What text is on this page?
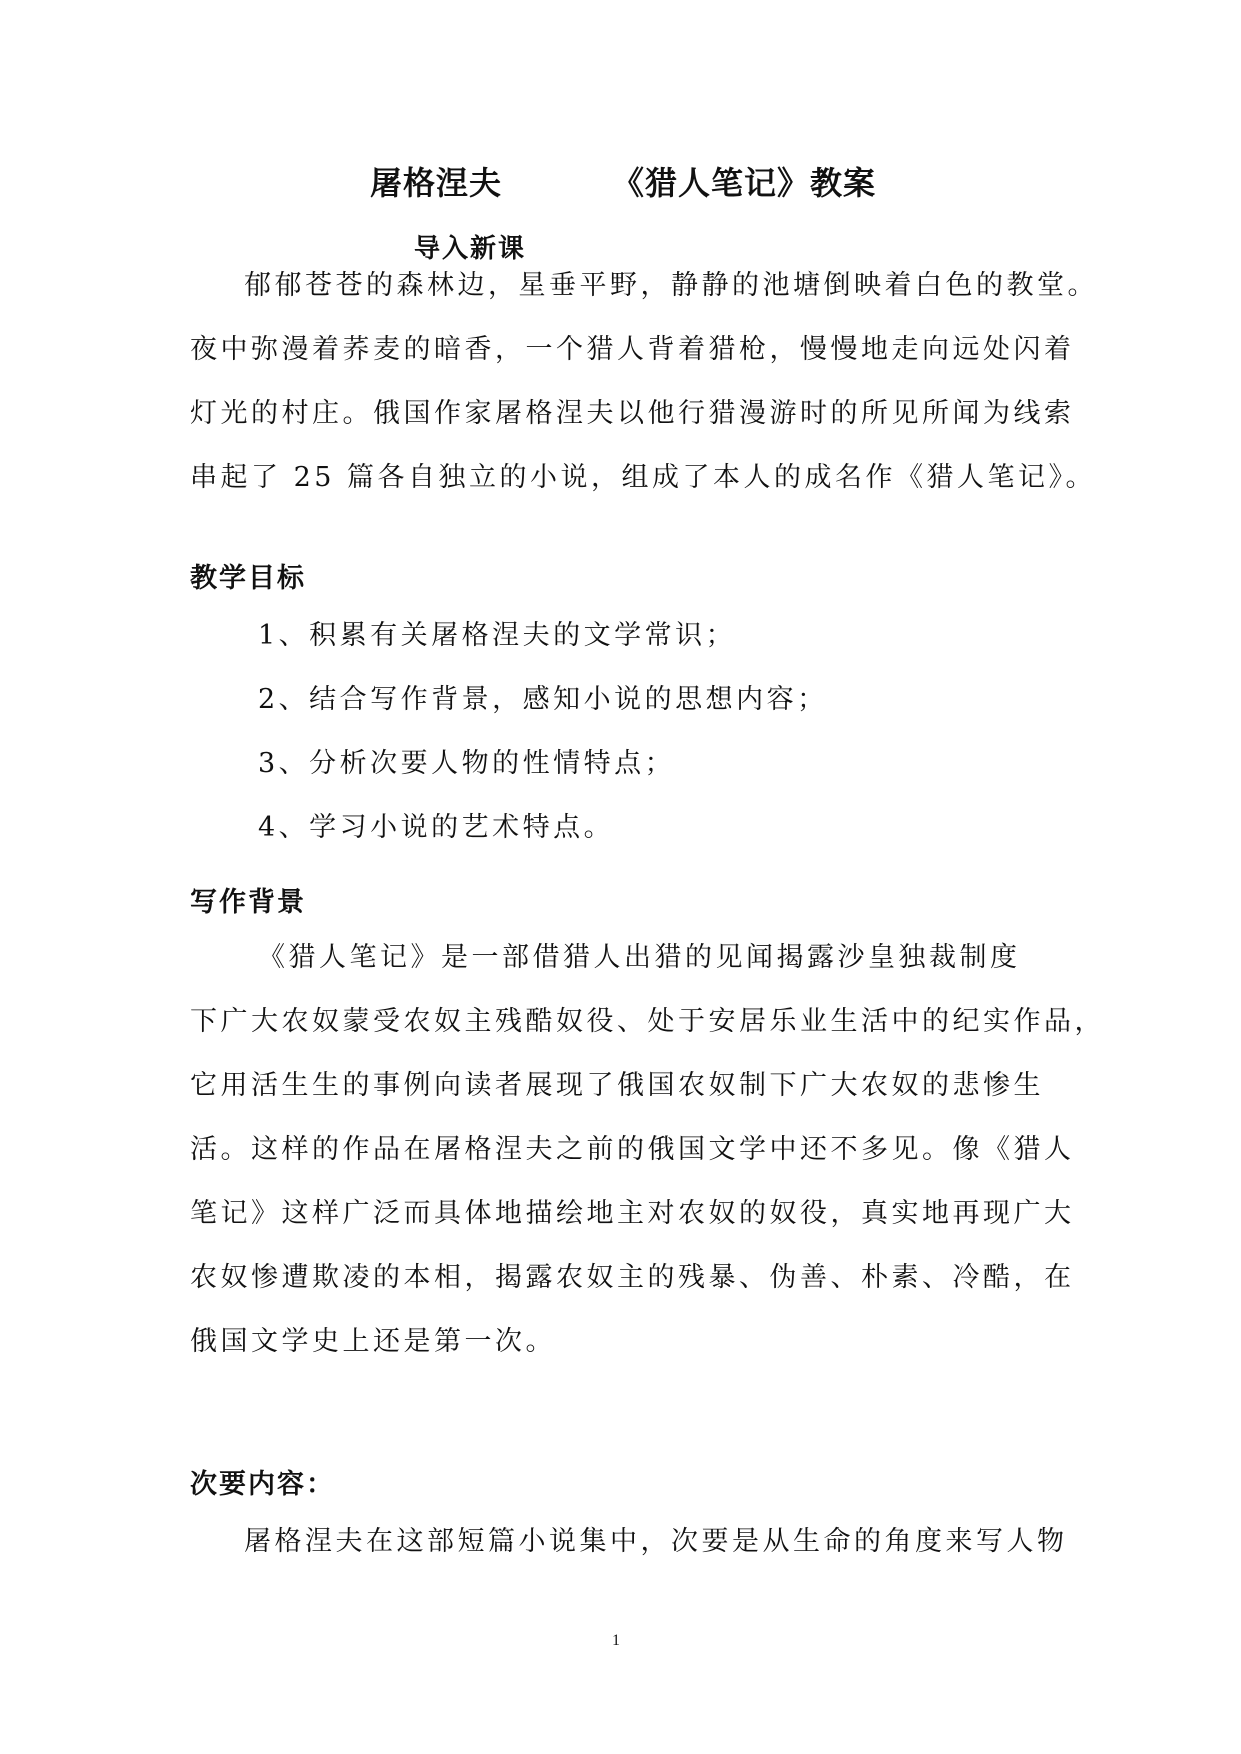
屠格涅夫	《猎人笔记》教案
导入新课
郁郁苍苍的森林边，星垂平野，静静的池塘倒映着白色的教堂。
夜中弥漫着荞麦的暗香，一个猎人背着猎枪，慢慢地走向远处闪着
灯光的村庄。俄国作家屠格涅夫以他行猎漫游时的所见所闻为线索
串起了 25 篇各自独立的小说，组成了本人的成名作《猎人笔记》。
教学目标
1、积累有关屠格涅夫的文学常识；
2、结合写作背景，感知小说的思想内容；
3、分析次要人物的性情特点；
4、学习小说的艺术特点。
写作背景
《猎人笔记》是一部借猎人出猎的见闻揭露沙皇独裁制度
下广大农奴蒙受农奴主残酷奴役、处于安居乐业生活中的纪实作品，
它用活生生的事例向读者展现了俄国农奴制下广大农奴的悲惨生
活。这样的作品在屠格涅夫之前的俄国文学中还不多见。像《猎人
笔记》这样广泛而具体地描绘地主对农奴的奴役，真实地再现广大
农奴惨遭欺凌的本相，揭露农奴主的残暴、伪善、朴素、冷酷，在
俄国文学史上还是第一次。
次要内容：
屠格涅夫在这部短篇小说集中，次要是从生命的角度来写人物
1
